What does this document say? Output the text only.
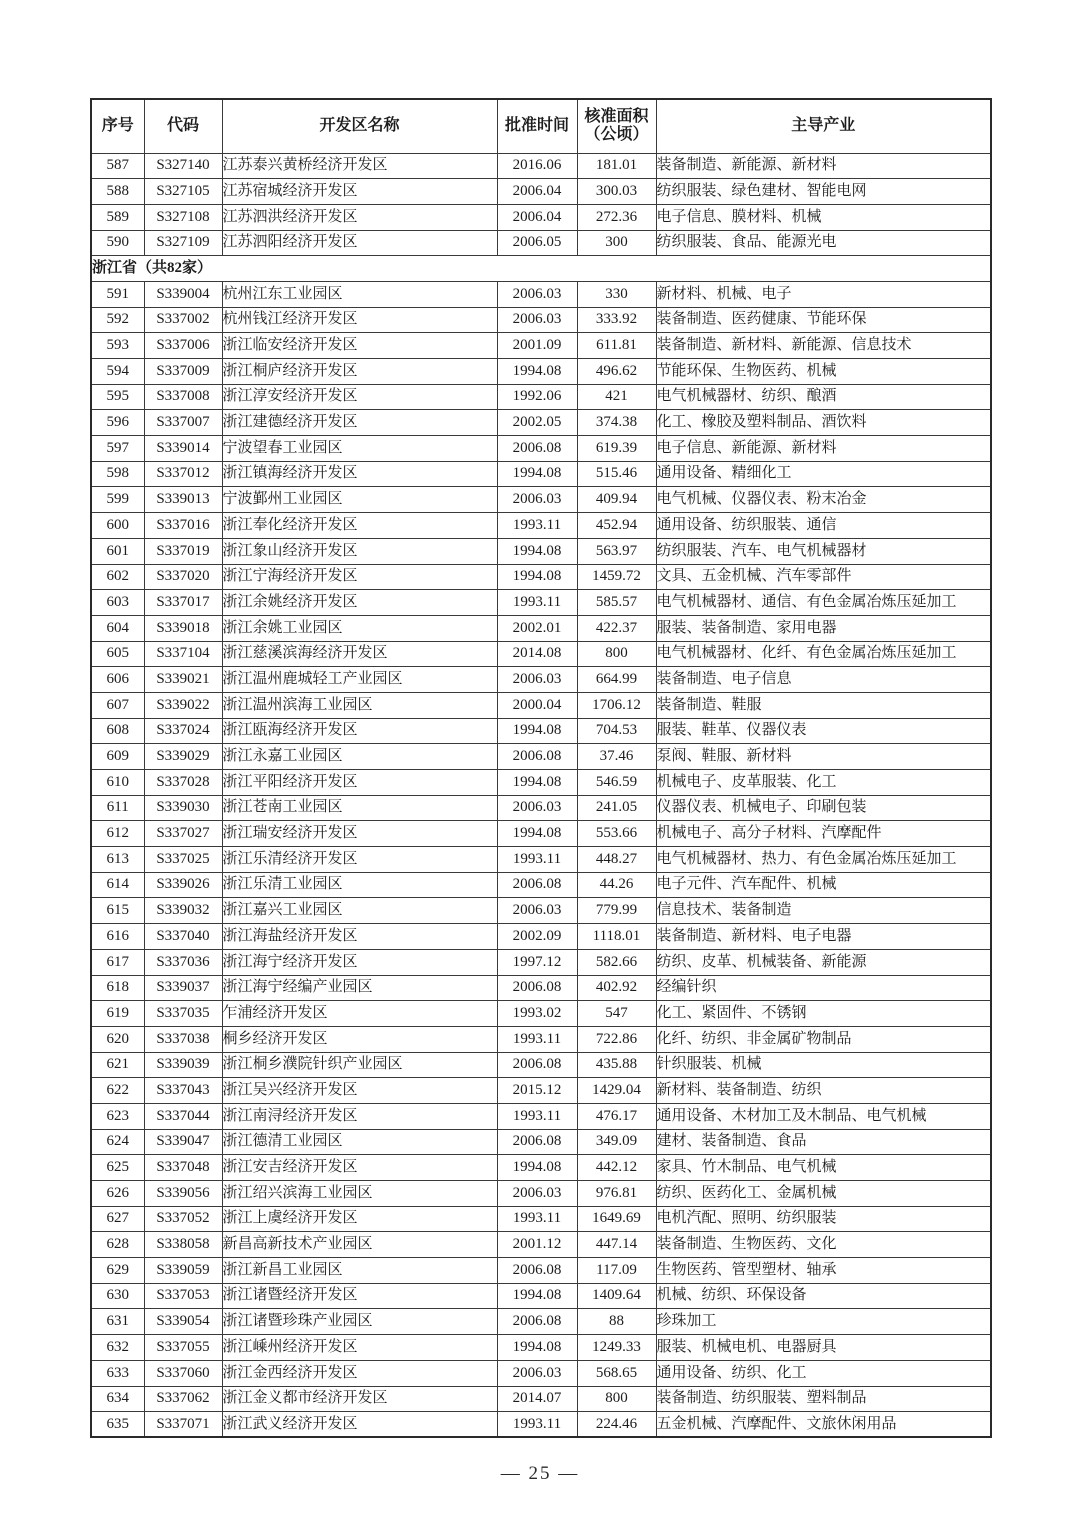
序号	代码	开发区名称	批准时间	核准面积（公顷）	主导产业
587	S327140	江苏泰兴黄桥经济开发区	2016.06	181.01	装备制造、新能源、新材料
588	S327105	江苏宿城经济开发区	2006.04	300.03	纺织服装、绿色建材、智能电网
589	S327108	江苏泗洪经济开发区	2006.04	272.36	电子信息、膜材料、机械
590	S327109	江苏泗阳经济开发区	2006.05	300	纺织服装、食品、能源光电
浙江省（共82家）					
591	S339004	杭州江东工业园区	2006.03	330	新材料、机械、电子
592	S337002	杭州钱江经济开发区	2006.03	333.92	装备制造、医药健康、节能环保
593	S337006	浙江临安经济开发区	2001.09	611.81	装备制造、新材料、新能源、信息技术
594	S337009	浙江桐庐经济开发区	1994.08	496.62	节能环保、生物医药、机械
595	S337008	浙江淳安经济开发区	1992.06	421	电气机械器材、纺织、酿酒
596	S337007	浙江建德经济开发区	2002.05	374.38	化工、橡胶及塑料制品、酒饮料
597	S339014	宁波望春工业园区	2006.08	619.39	电子信息、新能源、新材料
598	S337012	浙江镇海经济开发区	1994.08	515.46	通用设备、精细化工
599	S339013	宁波鄞州工业园区	2006.03	409.94	电气机械、仪器仪表、粉末冶金
600	S337016	浙江奉化经济开发区	1993.11	452.94	通用设备、纺织服装、通信
601	S337019	浙江象山经济开发区	1994.08	563.97	纺织服装、汽车、电气机械器材
602	S337020	浙江宁海经济开发区	1994.08	1459.72	文具、五金机械、汽车零部件
603	S337017	浙江余姚经济开发区	1993.11	585.57	电气机械器材、通信、有色金属冶炼压延加工
604	S339018	浙江余姚工业园区	2002.01	422.37	服装、装备制造、家用电器
605	S337104	浙江慈溪滨海经济开发区	2014.08	800	电气机械器材、化纤、有色金属冶炼压延加工
606	S339021	浙江温州鹿城轻工产业园区	2006.03	664.99	装备制造、电子信息
607	S339022	浙江温州滨海工业园区	2000.04	1706.12	装备制造、鞋服
608	S337024	浙江瓯海经济开发区	1994.08	704.53	服装、鞋革、仪器仪表
609	S339029	浙江永嘉工业园区	2006.08	37.46	泵阀、鞋服、新材料
610	S337028	浙江平阳经济开发区	1994.08	546.59	机械电子、皮革服装、化工
611	S339030	浙江苍南工业园区	2006.03	241.05	仪器仪表、机械电子、印刷包装
612	S337027	浙江瑞安经济开发区	1994.08	553.66	机械电子、高分子材料、汽摩配件
613	S337025	浙江乐清经济开发区	1993.11	448.27	电气机械器材、热力、有色金属冶炼压延加工
614	S339026	浙江乐清工业园区	2006.08	44.26	电子元件、汽车配件、机械
615	S339032	浙江嘉兴工业园区	2006.03	779.99	信息技术、装备制造
616	S337040	浙江海盐经济开发区	2002.09	1118.01	装备制造、新材料、电子电器
617	S337036	浙江海宁经济开发区	1997.12	582.66	纺织、皮革、机械装备、新能源
618	S339037	浙江海宁经编产业园区	2006.08	402.92	经编针织
619	S337035	乍浦经济开发区	1993.02	547	化工、紧固件、不锈钢
620	S337038	桐乡经济开发区	1993.11	722.86	化纤、纺织、非金属矿物制品
621	S339039	浙江桐乡濮院针织产业园区	2006.08	435.88	针织服装、机械
622	S337043	浙江吴兴经济开发区	2015.12	1429.04	新材料、装备制造、纺织
623	S337044	浙江南浔经济开发区	1993.11	476.17	通用设备、木材加工及木制品、电气机械
624	S339047	浙江德清工业园区	2006.08	349.09	建材、装备制造、食品
625	S337048	浙江安吉经济开发区	1994.08	442.12	家具、竹木制品、电气机械
626	S339056	浙江绍兴滨海工业园区	2006.03	976.81	纺织、医药化工、金属机械
627	S337052	浙江上虞经济开发区	1993.11	1649.69	电机汽配、照明、纺织服装
628	S338058	新昌高新技术产业园区	2001.12	447.14	装备制造、生物医药、文化
629	S339059	浙江新昌工业园区	2006.08	117.09	生物医药、管型塑材、轴承
630	S337053	浙江诸暨经济开发区	1994.08	1409.64	机械、纺织、环保设备
631	S339054	浙江诸暨珍珠产业园区	2006.08	88	珍珠加工
632	S337055	浙江嵊州经济开发区	1994.08	1249.33	服装、机械电机、电器厨具
633	S337060	浙江金西经济开发区	2006.03	568.65	通用设备、纺织、化工
634	S337062	浙江金义都市经济开发区	2014.07	800	装备制造、纺织服装、塑料制品
635	S337071	浙江武义经济开发区	1993.11	224.46	五金机械、汽摩配件、文旅休闲用品
— 25 —
